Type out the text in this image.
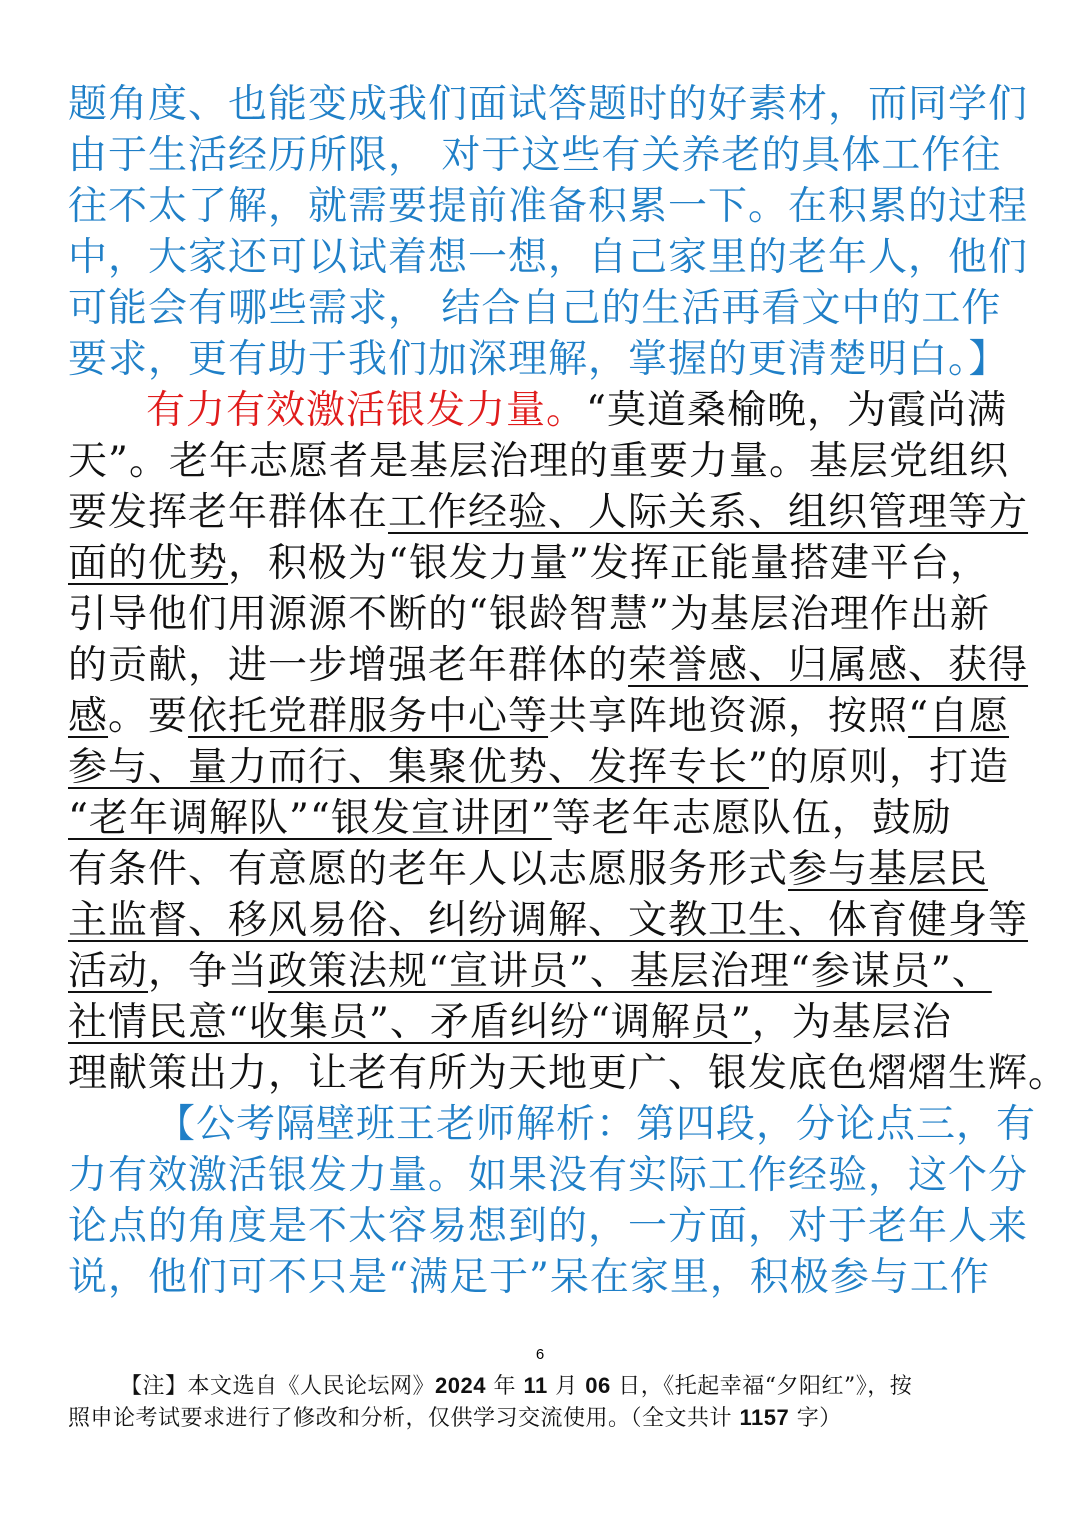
题角度、也能变成我们面试答题时的好素材，而同学们
由于生活经历所限， 对于这些有关养老的具体工作往
往不太了解，就需要提前准备积累一下。在积累的过程
中，大家还可以试着想一想，自己家里的老年人，他们
可能会有哪些需求， 结合自己的生活再看文中的工作
要求，更有助于我们加深理解，掌握的更清楚明白。】
有力有效激活银发力量。“莫道桑榆晚，为霞尚满
天”。老年志愿者是基层治理的重要力量。基层党组织
要发挥老年群体在工作经验、人际关系、组织管理等方
面的优势，积极为“银发力量”发挥正能量搭建平台，
引导他们用源源不断的“银龄智慧”为基层治理作出新
的贡献，进一步增强老年群体的荣誉感、归属感、获得
感。要依托党群服务中心等共享阵地资源，按照“自愿
参与、量力而行、集聚优势、发挥专长”的原则，打造
“老年调解队”“银发宣讲团”等老年志愿队伍，鼓励
有条件、有意愿的老年人以志愿服务形式参与基层民
主监督、移风易俗、纠纷调解、文教卫生、体育健身等
活动，争当政策法规“宣讲员”、基层治理“参谋员”、
社情民意“收集员”、矛盾纠纷“调解员”，为基层治
理献策出力，让老有所为天地更广、银发底色熠熠生辉。
【公考隔壁班王老师解析：第四段，分论点三，有
力有效激活银发力量。如果没有实际工作经验，这个分
论点的角度是不太容易想到的，一方面，对于老年人来
说，他们可不只是“满足于”呆在家里，积极参与工作
6
【注】本文选自《人民论坛网》2024 年 11 月 06 日，《托起幸福“夕阳红”》，按
照申论考试要求进行了修改和分析，仅供学习交流使用。（全文共计 1157 字）
